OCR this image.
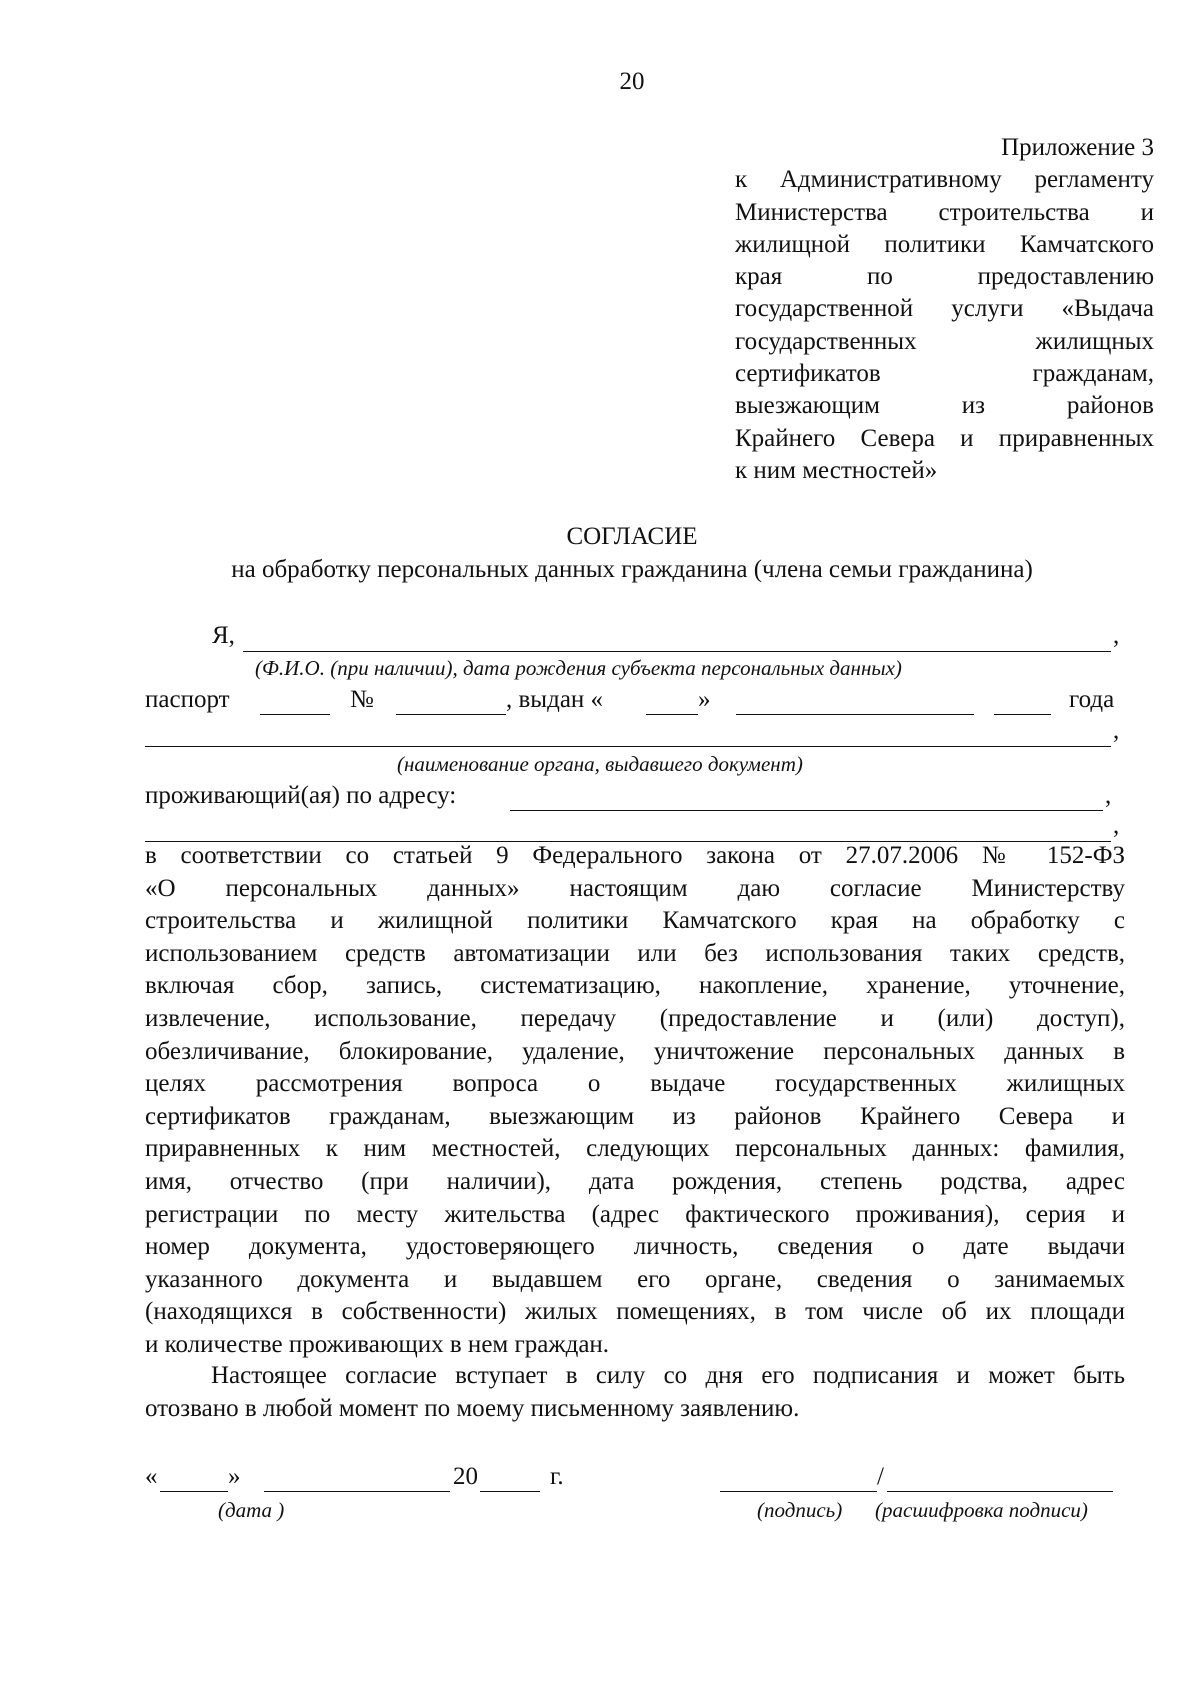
20
Приложение 3
к Административному регламенту
Министерства строительства и
жилищной политики Камчатского
края по предоставлению
государственной услуги «Выдача
государственных жилищных
сертификатов гражданам,
выезжающим из районов
Крайнего Севера и приравненных
к ним местностей»
СОГЛАСИЕ
на обработку персональных данных гражданина (члена семьи гражданина)
Я,	,
(Ф.И.О. (при наличии), дата рождения субъекта персональных данных)
паспорт	№	, выдан «	»	года
,
(наименование органа, выдавшего документ)
проживающий(ая) по адресу:	,
,
в соответствии со статьей 9 Федерального закона от 27.07.2006 № 152-ФЗ
«О персональных данных» настоящим даю согласие Министерству
строительства и жилищной политики Камчатского края на обработку с
использованием средств автоматизации или без использования таких средств,
включая сбор, запись, систематизацию, накопление, хранение, уточнение,
извлечение, использование, передачу (предоставление и (или) доступ),
обезличивание, блокирование, удаление, уничтожение персональных данных в
целях рассмотрения вопроса о выдаче государственных жилищных
сертификатов гражданам, выезжающим из районов Крайнего Севера и
приравненных к ним местностей, следующих персональных данных: фамилия,
имя, отчество (при наличии), дата рождения, степень родства, адрес
регистрации по месту жительства (адрес фактического проживания), серия и
номер документа, удостоверяющего личность, сведения о дате выдачи
указанного документа и выдавшем его органе, сведения о занимаемых
(находящихся в собственности) жилых помещениях, в том числе об их площади
и количестве проживающих в нем граждан.
Настоящее согласие вступает в силу со дня его подписания и может быть
отозвано в любой момент по моему письменному заявлению.
«	»	20	г.	/
(дата )	(подпись) (расшифровка подписи)
